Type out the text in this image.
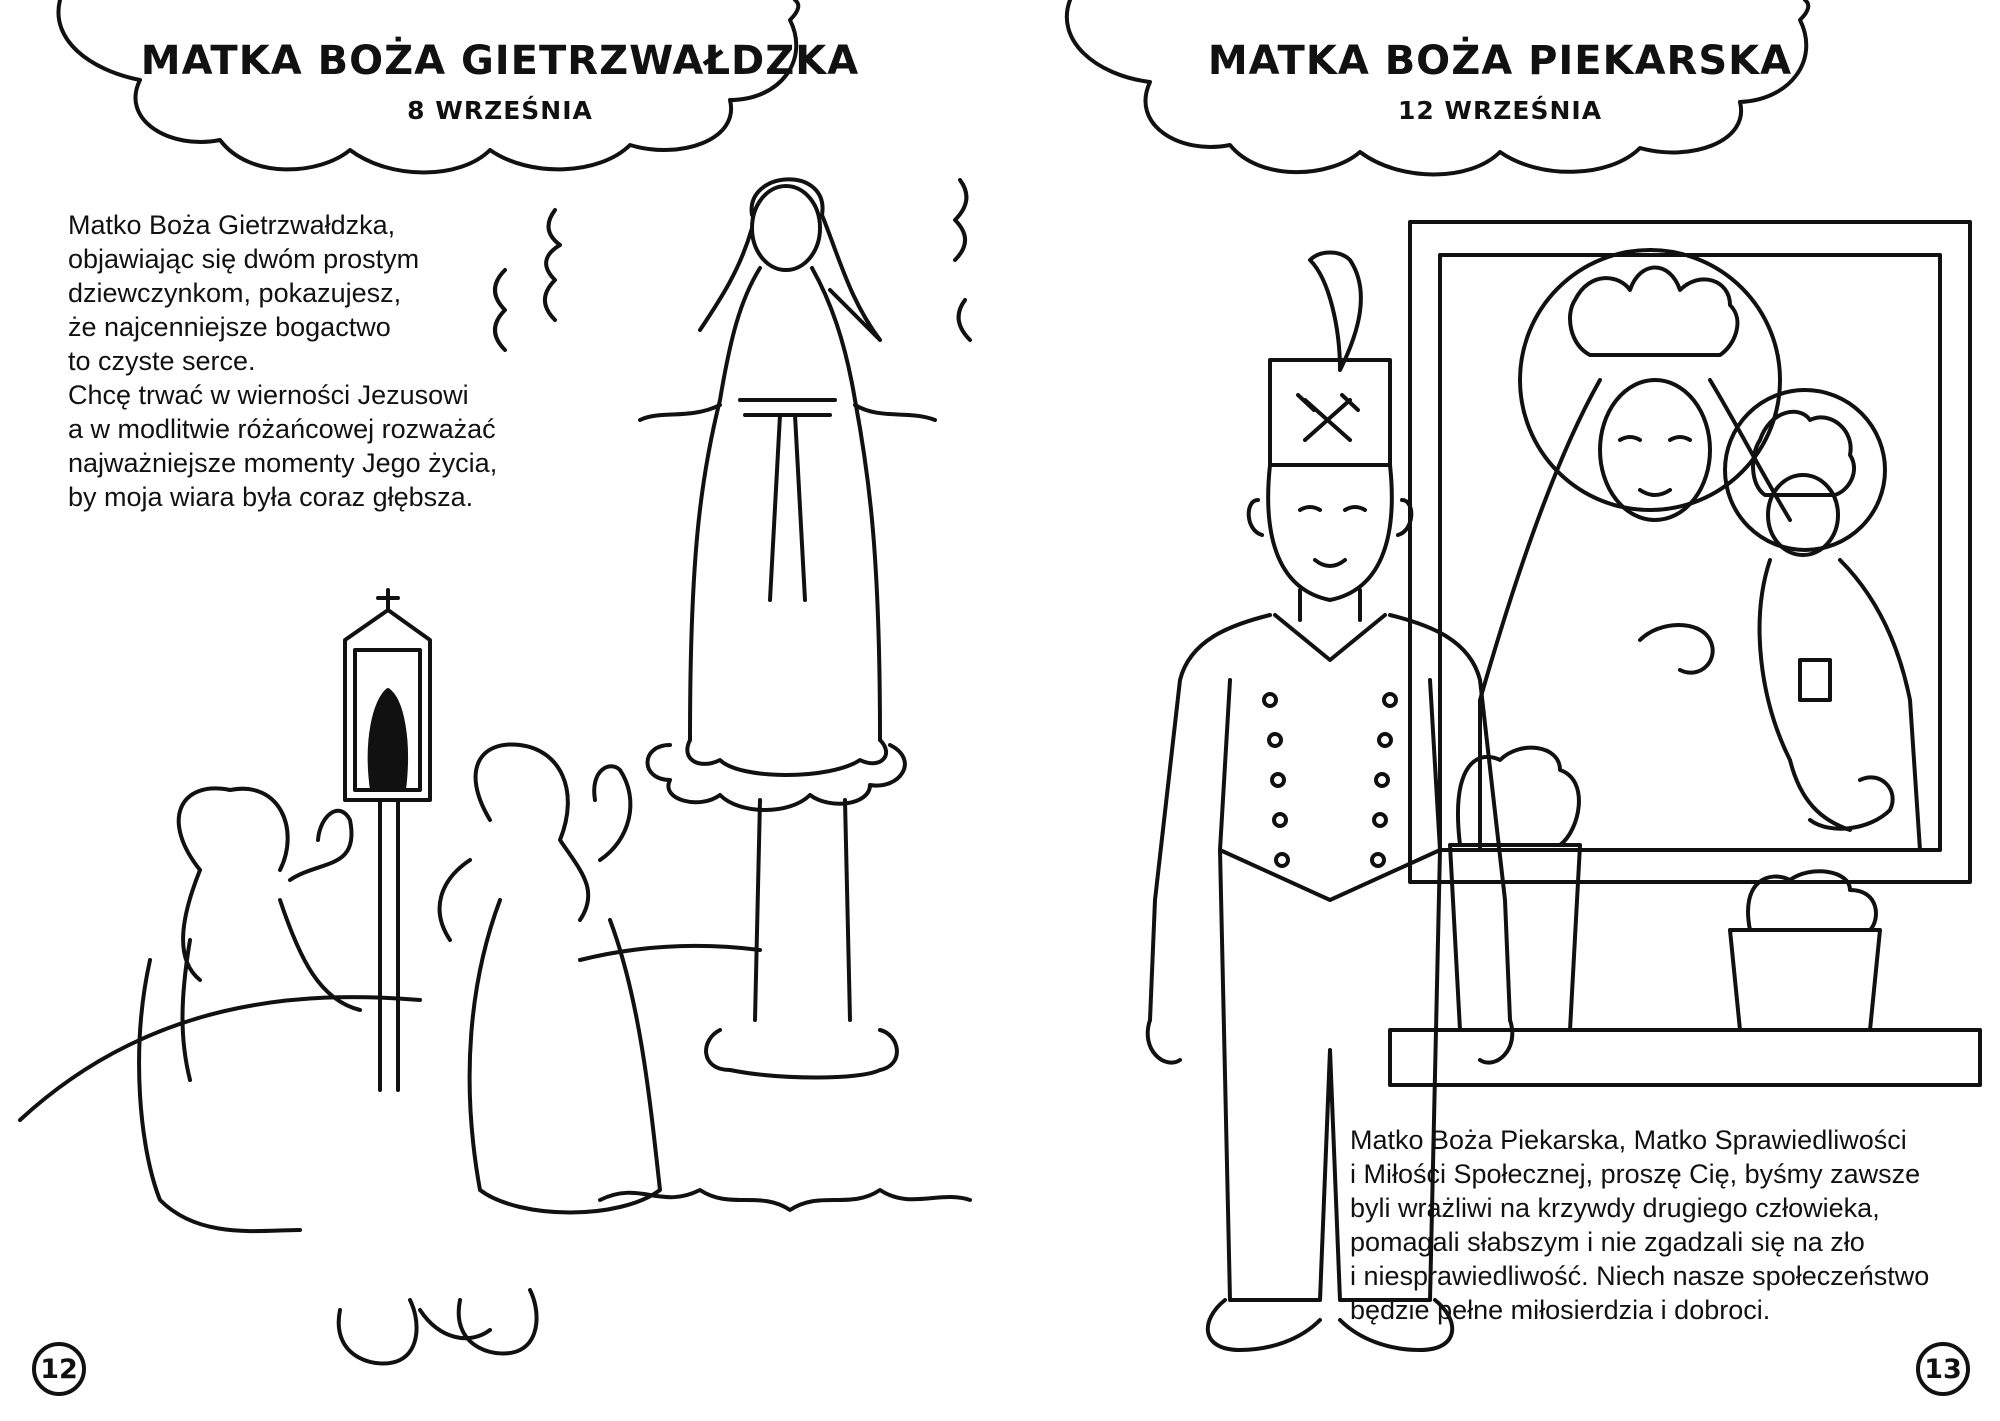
MATKA BOŻA GIETRZWAŁDZKA
8 WRZEŚNIA
Matko Boża Gietrzwałdzka,
objawiając się dwóm prostym
dziewczynkom, pokazujesz,
że najcenniejsze bogactwo
to czyste serce.
Chcę trwać w wierności Jezusowi
a w modlitwie różańcowej rozważać
najważniejsze momenty Jego życia,
by moja wiara była coraz głębsza.
12
MATKA BOŻA PIEKARSKA
12 WRZEŚNIA
Matko Boża Piekarska, Matko Sprawiedliwości
i Miłości Społecznej, proszę Cię, byśmy zawsze
byli wrażliwi na krzywdy drugiego człowieka,
pomagali słabszym i nie zgadzali się na zło
i niesprawiedliwość. Niech nasze społeczeństwo
będzie pełne miłosierdzia i dobroci.
13
